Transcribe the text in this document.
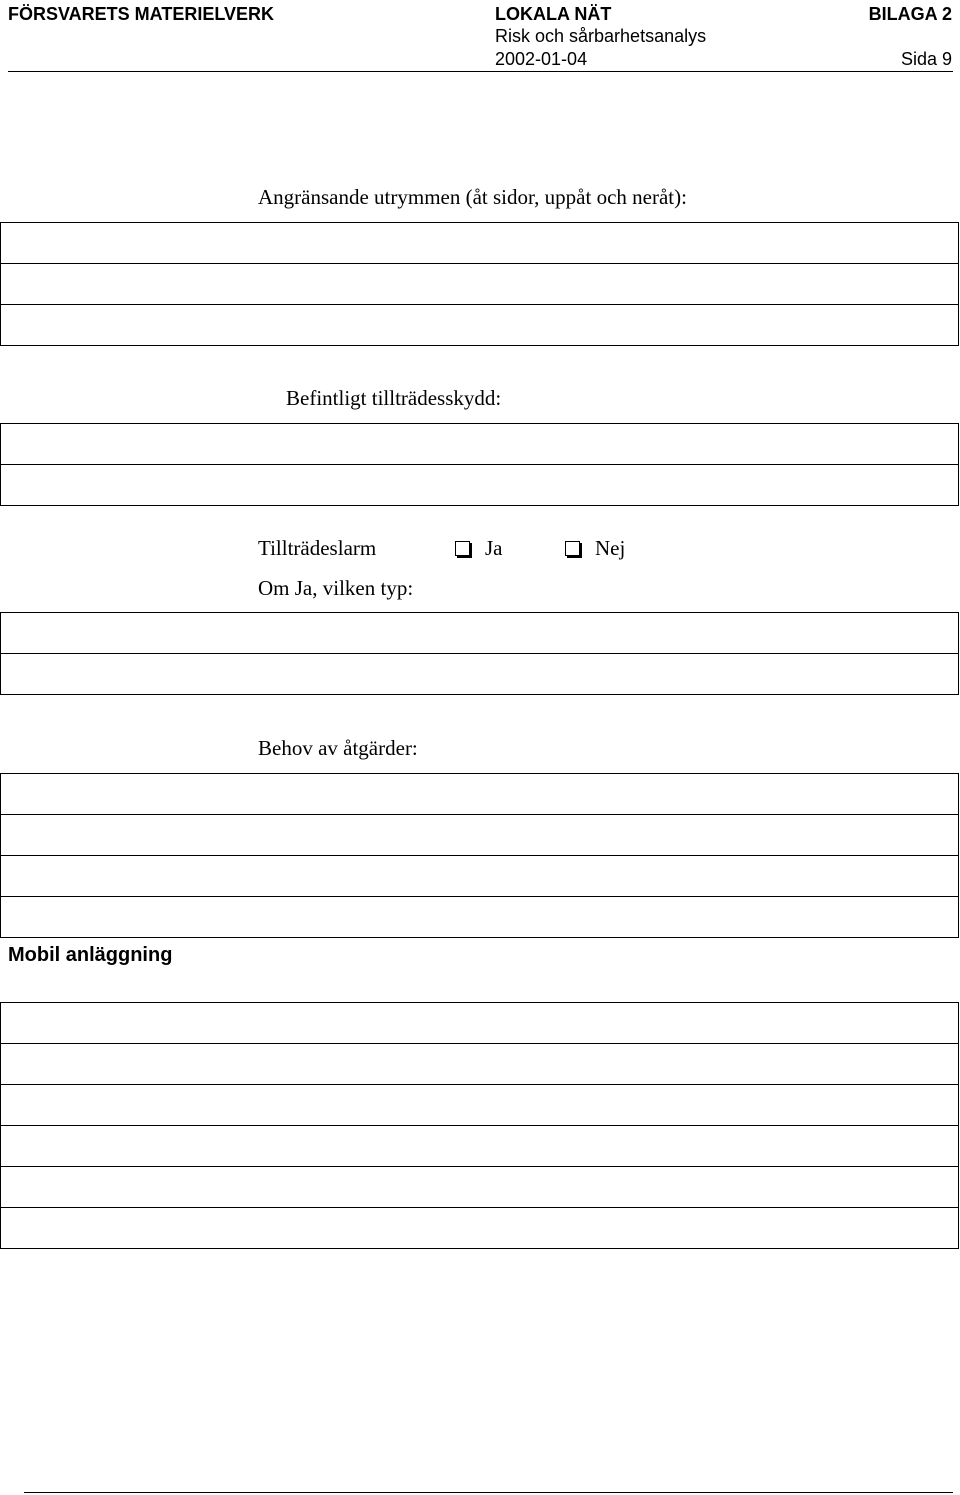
FÖRSVARETS MATERIELVERK	LOKALA NÄT
Risk och sårbarhetsanalys
2002-01-04
BILAGA 2
Sida 9
Angränsande utrymmen (åt sidor, uppåt och neråt):
Befintligt tillträdesskydd:
Tillträdeslarm	Ja	Nej
Om Ja, vilken typ:
Behov av åtgärder:
Mobil anläggning
